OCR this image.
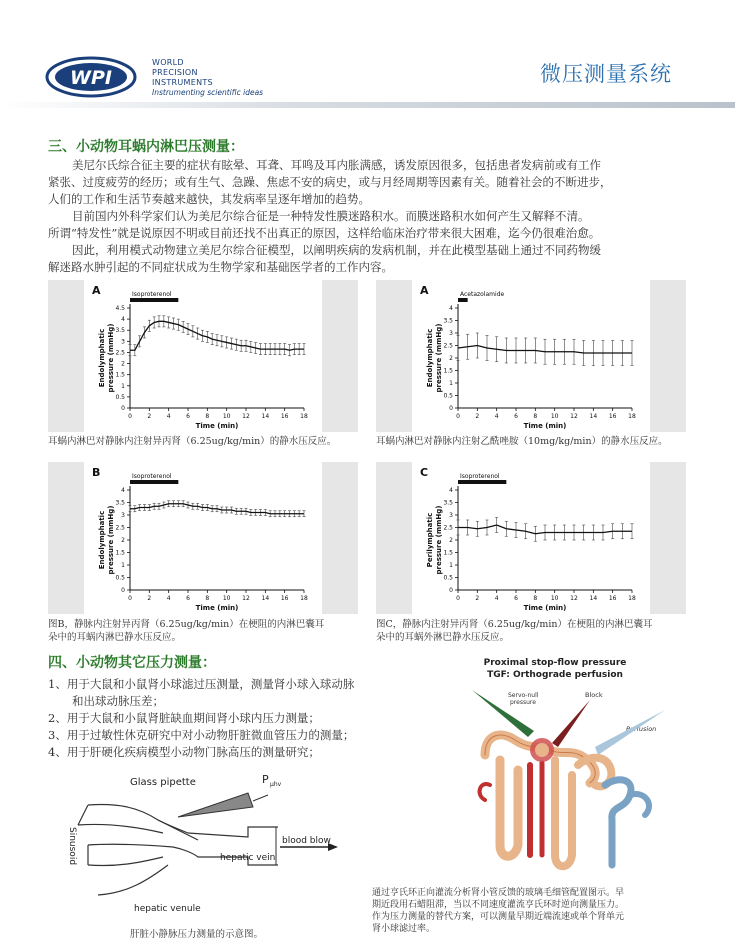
WPI
WORLD
PRECISION
INSTRUMENTS
Instrumenting scientific ideas
微压测量系统
三、小动物耳蜗内淋巴压测量：
美尼尔氏综合征主要的症状有眩晕、耳聋、耳鸣及耳内胀满感，诱发原因很多，包括患者发病前或有工作
紧张、过度疲劳的经历；或有生气、急躁、焦虑不安的病史，或与月经周期等因素有关。随着社会的不断进步，
人们的工作和生活节奏越来越快，其发病率呈逐年增加的趋势。
目前国内外科学家们认为美尼尔综合征是一种特发性膜迷路积水。而膜迷路积水如何产生又解释不清。
所谓“特发性”就是说原因不明或目前还找不出真正的原因，这样给临床治疗带来很大困难，迄今仍很难治愈。
因此，利用模式动物建立美尼尔综合征模型，以阐明疾病的发病机制，并在此模型基础上通过不同药物缓
解迷路水肿引起的不同症状成为生物学家和基础医学者的工作内容。
A	Isoproterenol
0
0.5
1
1.5
2
2.5
3
3.5
4
4.5
0	2	4	6	8 10 12 14 16 18
Time (min)
Endolymphatic pressure (mmHg)
A	Acetazolamide
0
0.5
1
1.5
2
2.5
3
3.5
4
0	2	4	6	8 10 12 14 16 18
Time (min)
Endolymphatic pressure (mmHg)
B	Isoproterenol
0
0.5
1
1.5
2
2.5
3
3.5
4
0	2	4	6	8 10 12 14 16 18
Time (min)
Endolymphatic pressure (mmHg)
C	Isoproterenol
0
0.5
1
1.5
2
2.5
3
3.5
4
0	2	4	6	8 10 12 14 16 18
Time (min)
Perilymphatic pressure (mmHg)
耳蜗内淋巴对静脉内注射异丙肾（6.25ug/kg/min）的静水压反应。	耳蜗内淋巴对静脉内注射乙酰唑胺（10mg/kg/min）的静水压反应。
图B，静脉内注射异丙肾（6.25ug/kg/min）在梗阻的内淋巴囊耳
朵中的耳蜗内淋巴静水压反应。
图C，静脉内注射异丙肾（6.25ug/kg/min）在梗阻的内淋巴囊耳
朵中的耳蜗外淋巴静水压反应。
四、小动物其它压力测量：
1、用于大鼠和小鼠肾小球滤过压测量，测量肾小球入球动脉
和出球动脉压差；
2、用于大鼠和小鼠肾脏缺血期间肾小球内压力测量；
3、用于过敏性休克研究中对小动物肝脏微血管压力的测量；
4、用于肝硬化疾病模型小动物门脉高压的测量研究；
Glass pipette	P μhv
Sinusoid	hepatic vein
blood blow
hepatic venule
肝脏小静脉压力测量的示意图。
Proximal stop-flow pressure
TGF: Orthograde perfusion
Servo-null
pressure
Block
Perfusion
通过亨氏环正向灌流分析肾小管反馈的玻璃毛细管配置图示。早
期近段用石蜡阻滞，当以不同速度灌流亨氏环时逆向测量压力。
作为压力测量的替代方案，可以测量早期近端流速或单个肾单元
肾小球滤过率。
